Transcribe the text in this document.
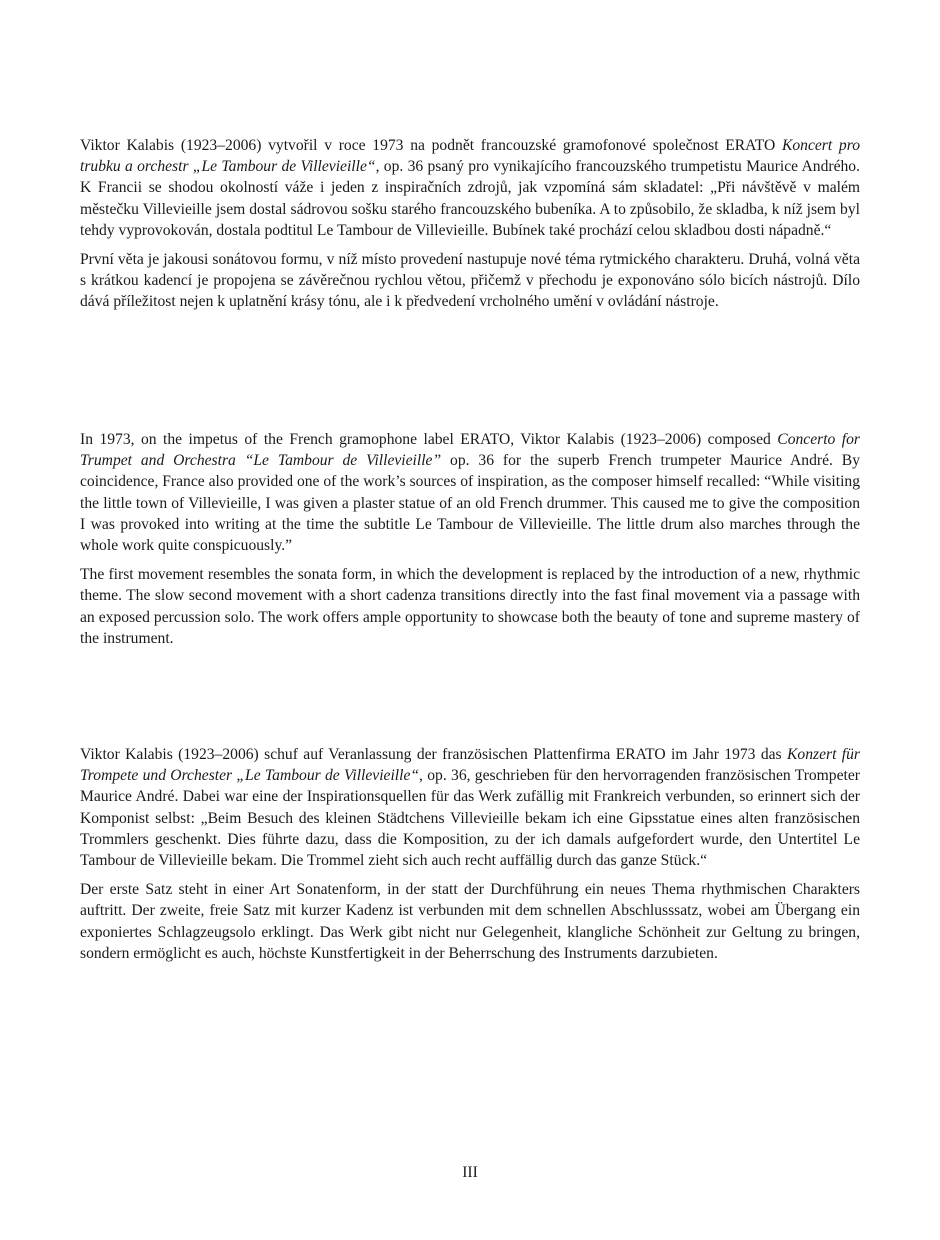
Viktor Kalabis (1923–2006) vytvořil v roce 1973 na podnět francouzské gramofonové společnost ERATO Koncert pro trubku a orchestr „Le Tambour de Villevieille“, op. 36 psaný pro vynikajícího francouzského trumpetistu Maurice Andrého. K Francii se shodou okolností váže i jeden z inspiračních zdrojů, jak vzpomíná sám skladatel: „Při návštěvě v malém městečku Villevieille jsem dostal sádrovou sošku starého francouzského bubeníka. A to způsobilo, že skladba, k níž jsem byl tehdy vyprovokován, dostala podtitul Le Tambour de Villevieille. Bubínek také prochází celou skladbou dosti nápadně.“

První věta je jakousi sonátovou formu, v níž místo provedení nastupuje nové téma rytmického charakteru. Druhá, volná věta s krátkou kadencí je propojena se závěrečnou rychlou větou, přičemž v přechodu je exponováno sólo bicích nástrojů. Dílo dává příležitost nejen k uplatnění krásy tónu, ale i k předvedení vrcholného umění v ovládání nástroje.

In 1973, on the impetus of the French gramophone label ERATO, Viktor Kalabis (1923–2006) composed Concerto for Trumpet and Orchestra “Le Tambour de Villevieille” op. 36 for the superb French trumpeter Maurice André. By coincidence, France also provided one of the work’s sources of inspiration, as the composer himself recalled: “While visiting the little town of Villevieille, I was given a plaster statue of an old French drummer. This caused me to give the composition I was provoked into writing at the time the subtitle Le Tambour de Villevieille. The little drum also marches through the whole work quite conspicuously.”

The first movement resembles the sonata form, in which the development is replaced by the introduction of a new, rhythmic theme. The slow second movement with a short cadenza transitions directly into the fast final movement via a passage with an exposed percussion solo. The work offers ample opportunity to showcase both the beauty of tone and supreme mastery of the instrument.

Viktor Kalabis (1923–2006) schuf auf Veranlassung der französischen Plattenfirma ERATO im Jahr 1973 das Konzert für Trompete und Orchester „Le Tambour de Villevieille“, op. 36, geschrieben für den hervorragenden französischen Trompeter Maurice André. Dabei war eine der Inspirationsquellen für das Werk zufällig mit Frankreich verbunden, so erinnert sich der Komponist selbst: „Beim Besuch des kleinen Städtchens Villevieille bekam ich eine Gipsstatue eines alten französischen Trommlers geschenkt. Dies führte dazu, dass die Komposition, zu der ich damals aufgefordert wurde, den Untertitel Le Tambour de Villevieille bekam. Die Trommel zieht sich auch recht auffällig durch das ganze Stück.“

Der erste Satz steht in einer Art Sonatenform, in der statt der Durchführung ein neues Thema rhythmischen Charakters auftritt. Der zweite, freie Satz mit kurzer Kadenz ist verbunden mit dem schnellen Abschlusssatz, wobei am Übergang ein exponiertes Schlagzeugsolo erklingt. Das Werk gibt nicht nur Gelegenheit, klangliche Schönheit zur Geltung zu bringen, sondern ermöglicht es auch, höchste Kunstfertigkeit in der Beherrschung des Instruments darzubieten.

III
